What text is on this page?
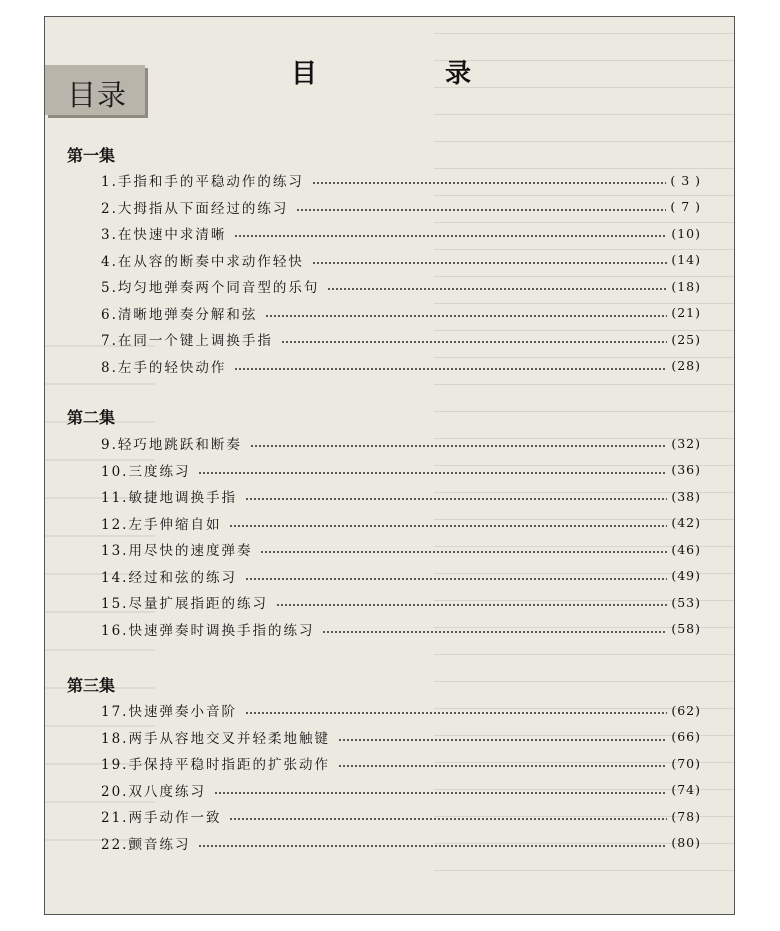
目录
目	录
第一集
1.手指和手的平稳动作的练习	( 3 )
2.大拇指从下面经过的练习	( 7 )
3.在快速中求清晰	(10)
4.在从容的断奏中求动作轻快	(14)
5.均匀地弹奏两个同音型的乐句	(18)
6.清晰地弹奏分解和弦	(21)
7.在同一个键上调换手指	(25)
8.左手的轻快动作	(28)
第二集
9.轻巧地跳跃和断奏	(32)
10.三度练习	(36)
11.敏捷地调换手指	(38)
12.左手伸缩自如	(42)
13.用尽快的速度弹奏	(46)
14.经过和弦的练习	(49)
15.尽量扩展指距的练习	(53)
16.快速弹奏时调换手指的练习	(58)
第三集
17.快速弹奏小音阶	(62)
18.两手从容地交叉并轻柔地触键	(66)
19.手保持平稳时指距的扩张动作	(70)
20.双八度练习	(74)
21.两手动作一致	(78)
22.颤音练习	(80)
